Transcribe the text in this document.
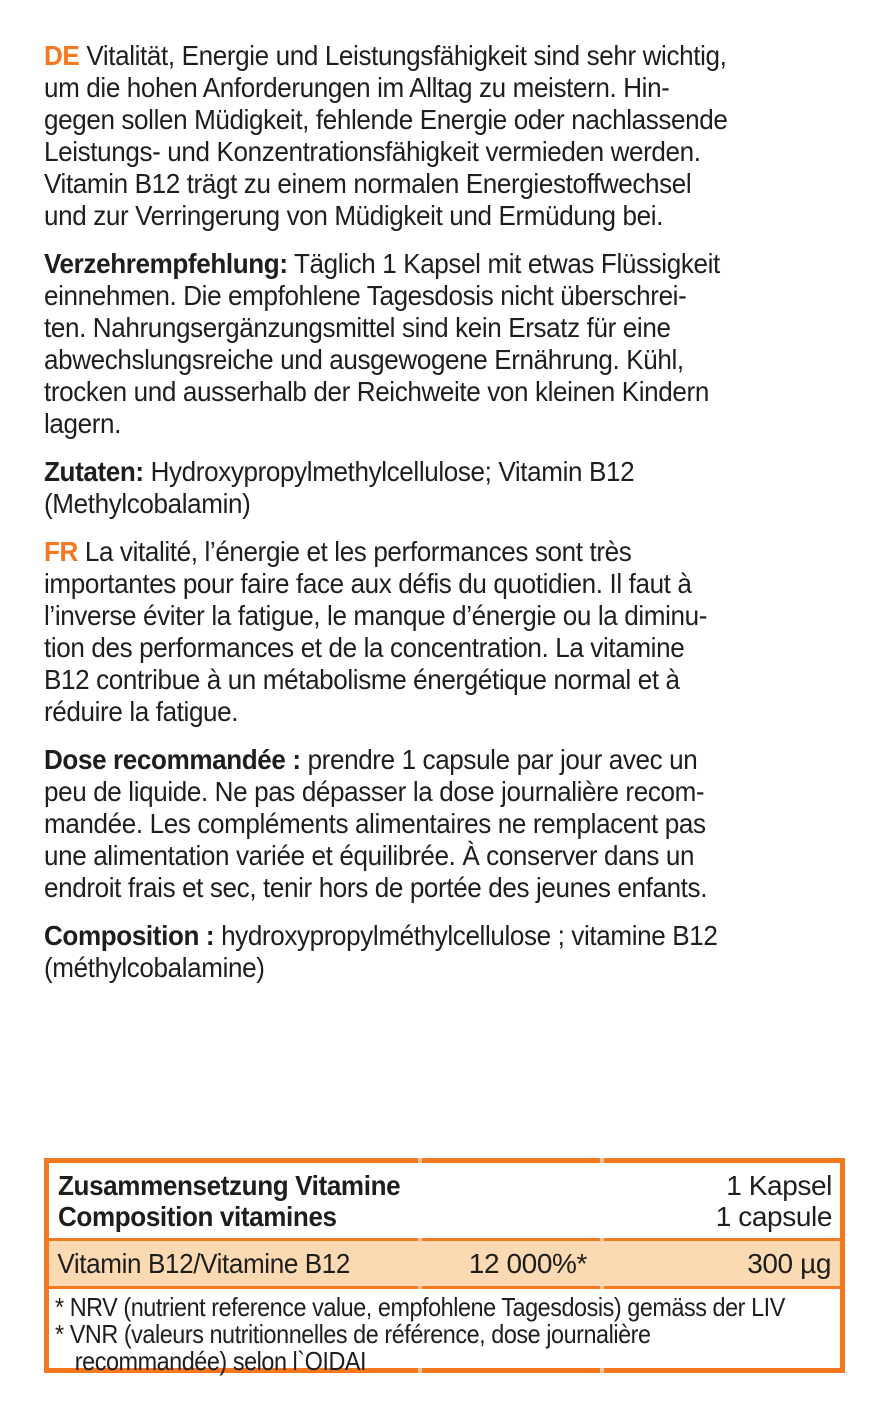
DE Vitalität, Energie und Leistungsfähigkeit sind sehr wichtig,
um die hohen Anforderungen im Alltag zu meistern. Hin-
gegen sollen Müdigkeit, fehlende Energie oder nachlassende
Leistungs- und Konzentrationsfähigkeit vermieden werden.
Vitamin B12 trägt zu einem normalen Energiestoffwechsel
und zur Verringerung von Müdigkeit und Ermüdung bei.
Verzehrempfehlung: Täglich 1 Kapsel mit etwas Flüssigkeit
einnehmen. Die empfohlene Tagesdosis nicht überschrei-
ten. Nahrungsergänzungsmittel sind kein Ersatz für eine
abwechslungsreiche und ausgewogene Ernährung. Kühl,
trocken und ausserhalb der Reichweite von kleinen Kindern
lagern.
Zutaten: Hydroxypropylmethylcellulose; Vitamin B12
(Methylcobalamin)
FR La vitalité, l’énergie et les performances sont très
importantes pour faire face aux défis du quotidien. Il faut à
l’inverse éviter la fatigue, le manque d’énergie ou la diminu-
tion des performances et de la concentration. La vitamine
B12 contribue à un métabolisme énergétique normal et à
réduire la fatigue.
Dose recommandée : prendre 1 capsule par jour avec un
peu de liquide. Ne pas dépasser la dose journalière recom-
mandée. Les compléments alimentaires ne remplacent pas
une alimentation variée et équilibrée. À conserver dans un
endroit frais et sec, tenir hors de portée des jeunes enfants.
Composition : hydroxypropylméthylcellulose ; vitamine B12
(méthylcobalamine)
Zusammensetzung Vitamine
Composition vitamines
1 Kapsel
1 capsule
Vitamin B12/Vitamine B12	12 000%*	300 µg
* NRV (nutrient reference value, empfohlene Tagesdosis) gemäss der LIV
* VNR (valeurs nutritionnelles de référence, dose journalière
recommandée) selon l`OIDAI
